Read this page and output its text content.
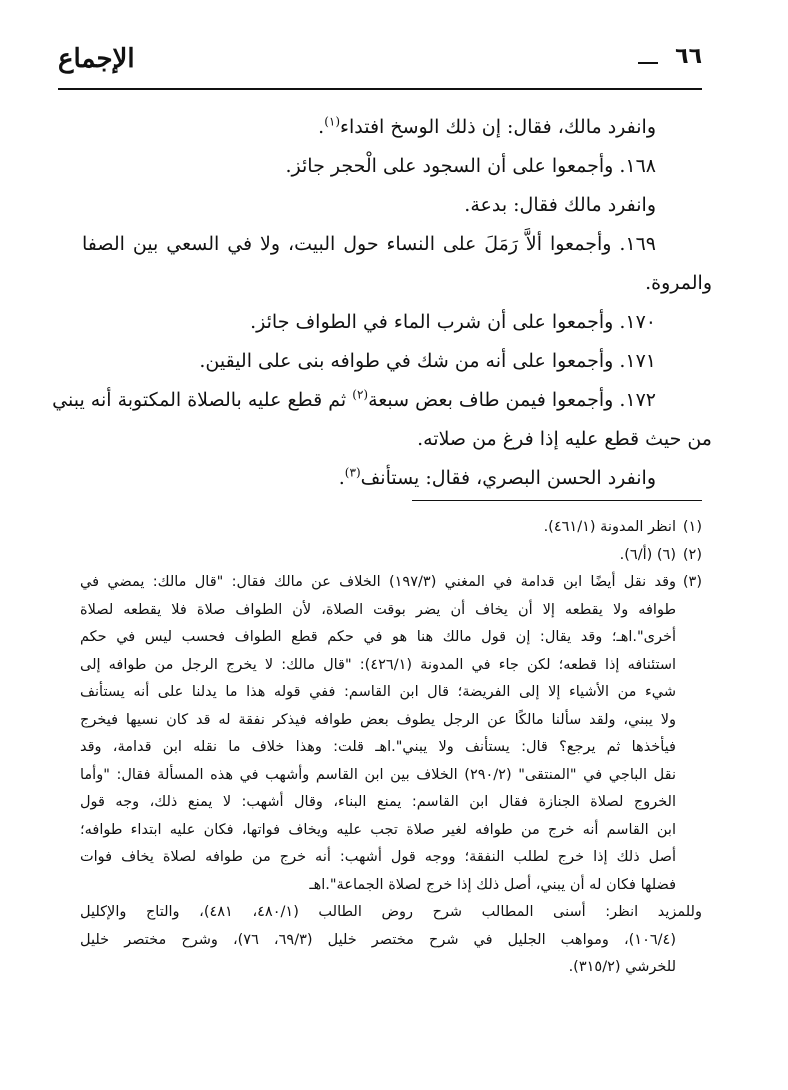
٦٦
الإجماع
وانفرد مالك، فقال: إن ذلك الوسخ افتداء$^{(١)}$.
١٦٨. وأجمعوا على أن السجود على الْحجر جائز.
وانفرد مالك فقال: بدعة.
١٦٩. وأجمعوا ألاَّ رَمَلَ على النساء حول البيت، ولا في السعي بين الصفا
والمروة.
١٧٠. وأجمعوا على أن شرب الماء في الطواف جائز.
١٧١. وأجمعوا على أنه من شك في طوافه بنى على اليقين.
١٧٢. وأجمعوا فيمن طاف بعض سبعة$^{(٢)}$ ثم قطع عليه بالصلاة المكتوبة أنه يبني
من حيث قطع عليه إذا فرغ من صلاته.
وانفرد الحسن البصري، فقال: يستأنف$^{(٣)}$.
(١)
انظر المدونة (٤٦١/١).
(٢)
(٦) (أ/٦).
(٣)
وقد نقل أيضًا ابن قدامة في المغني (١٩٧/٣) الخلاف عن مالك فقال: "قال مالك: يمضي في
طوافه ولا يقطعه إلا أن يخاف أن يضر بوقت الصلاة، لأن الطواف صلاة فلا يقطعه لصلاة
أخرى".اهـ؛ وقد يقال: إن قول مالك هنا هو في حكم قطع الطواف فحسب ليس في حكم
استئنافه إذا قطعه؛ لكن جاء في المدونة (٤٢٦/١): "قال مالك: لا يخرج الرجل من طوافه إلى
شيء من الأشياء إلا إلى الفريضة؛ قال ابن القاسم: ففي قوله هذا ما يدلنا على أنه يستأنف
ولا يبني، ولقد سألنا مالكًا عن الرجل يطوف بعض طوافه فيذكر نفقة له قد كان نسيها فيخرج
فيأخذها ثم يرجع؟ قال: يستأنف ولا يبني".اهـ قلت: وهذا خلاف ما نقله ابن قدامة، وقد
نقل الباجي في "المنتقى" (٢٩٠/٢) الخلاف بين ابن القاسم وأشهب في هذه المسألة فقال: "وأما
الخروج لصلاة الجنازة فقال ابن القاسم: يمنع البناء، وقال أشهب: لا يمنع ذلك، وجه قول
ابن القاسم أنه خرج من طوافه لغير صلاة تجب عليه ويخاف فواتها، فكان عليه ابتداء طوافه؛
أصل ذلك إذا خرج لطلب النفقة؛ ووجه قول أشهب: أنه خرج من طوافه لصلاة يخاف فوات
فضلها فكان له أن يبني، أصل ذلك إذا خرج لصلاة الجماعة".اهـ
وللمزيد انظر: أسنى المطالب شرح روض الطالب (٤٨٠/١، ٤٨١)، والتاج والإكليل
(١٠٦/٤)، ومواهب الجليل في شرح مختصر خليل (٦٩/٣، ٧٦)، وشرح مختصر خليل
للخرشي (٣١٥/٢).
